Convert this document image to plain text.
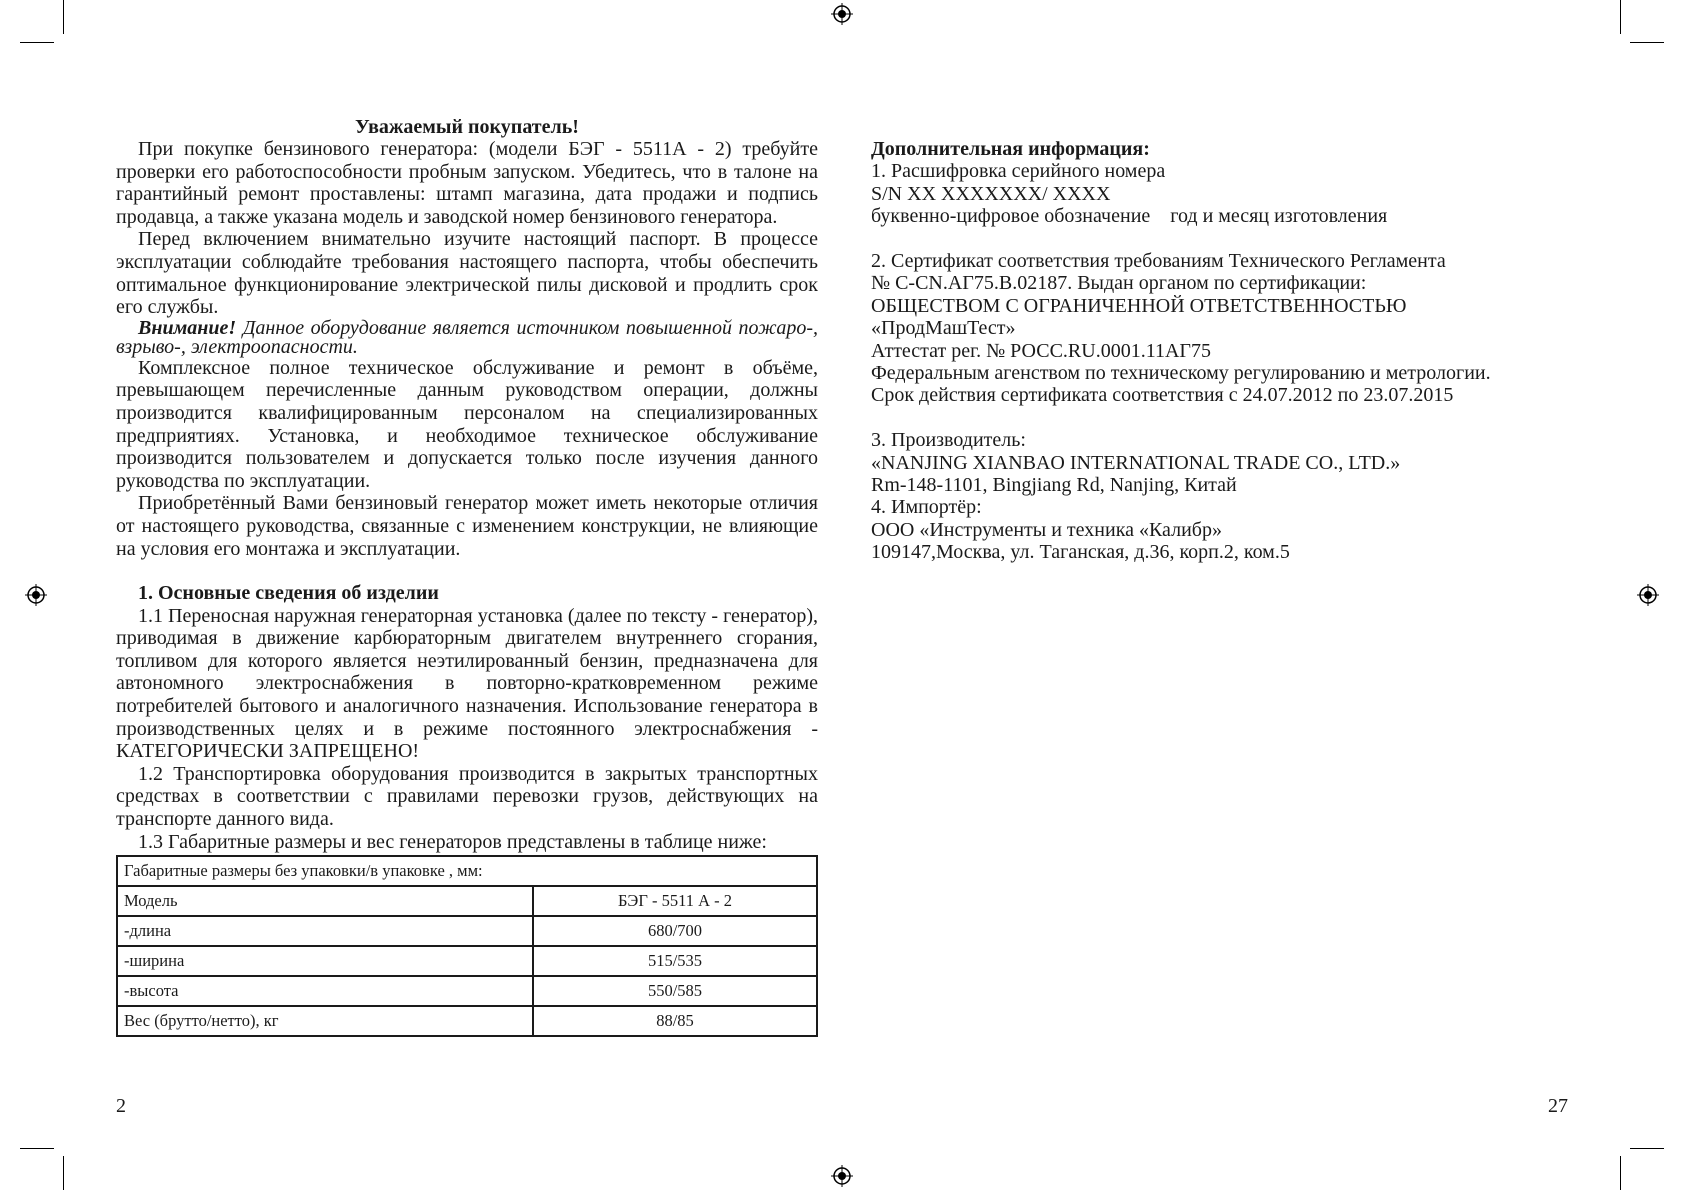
Уважаемый покупатель!

При покупке бензинового генератора: (модели БЭГ - 5511А - 2) требуйте проверки его работоспособности пробным запуском. Убедитесь, что в талоне на гарантийный ремонт проставлены: штамп магазина, дата продажи и подпись продавца, а также указана модель и заводской номер бензинового генератора.

Перед включением внимательно изучите настоящий паспорт. В процессе эксплуатации соблюдайте требования настоящего паспорта, чтобы обеспечить оптимальное функционирование электрической пилы дисковой и продлить срок его службы.

Внимание! Данное оборудование является источником повышенной пожаро-, взрыво-, электроопасности.

Комплексное полное техническое обслуживание и ремонт в объёме, превышающем перечисленные данным руководством операции, должны производится квалифицированным персоналом на специализированных предприятиях. Установка, и необходимое техническое обслуживание производится пользователем и допускается только после изучения данного руководства по эксплуатации.

Приобретённый Вами бензиновый генератор может иметь некоторые отличия от настоящего руководства, связанные с изменением конструкции, не влияющие на условия его монтажа и эксплуатации.

1. Основные сведения об изделии

1.1 Переносная наружная генераторная установка (далее по тексту - генератор), приводимая в движение карбюраторным двигателем внутреннего сгорания, топливом для которого является неэтилированный бензин, предназначена для автономного электроснабжения в повторно-кратковременном режиме потребителей бытового и аналогичного назначения. Использование генератора в производственных целях и в режиме постоянного электроснабжения - КАТЕГОРИЧЕСКИ ЗАПРЕЩЕНО!

1.2 Транспортировка оборудования производится в закрытых транспортных средствах в соответствии с правилами перевозки грузов, действующих на транспорте данного вида.

1.3 Габаритные размеры и вес генераторов представлены в таблице ниже:

Габаритные размеры без упаковки/в упаковке , мм:	
Модель	БЭГ - 5511 А - 2
-длина	680/700
-ширина	515/535
-высота	550/585
Вес (брутто/нетто), кг	88/85

Дополнительная информация:

1. Расшифровка серийного номера

S/N XX XXXXXXX/ XXXX

буквенно-цифровое обозначение    год и месяц изготовления

2. Сертификат соответствия требованиям Технического Регламента

№ C-CN.АГ75.В.02187. Выдан органом по сертификации:

ОБЩЕСТВОМ С ОГРАНИЧЕННОЙ ОТВЕТСТВЕННОСТЬЮ

«ПродМашТест»

Аттестат рег. № РОСС.RU.0001.11АГ75

Федеральным агенством по техническому регулированию и метрологии.

Срок действия сертификата соответствия с 24.07.2012 по 23.07.2015

3. Производитель:

«NANJING XIANBAO INTERNATIONAL TRADE CO., LTD.»

Rm-148-1101, Bingjiang Rd, Nanjing, Китай

4. Импортёр:

ООО «Инструменты и техника «Калибр»

109147,Москва, ул. Таганская, д.36, корп.2, ком.5

2	27
